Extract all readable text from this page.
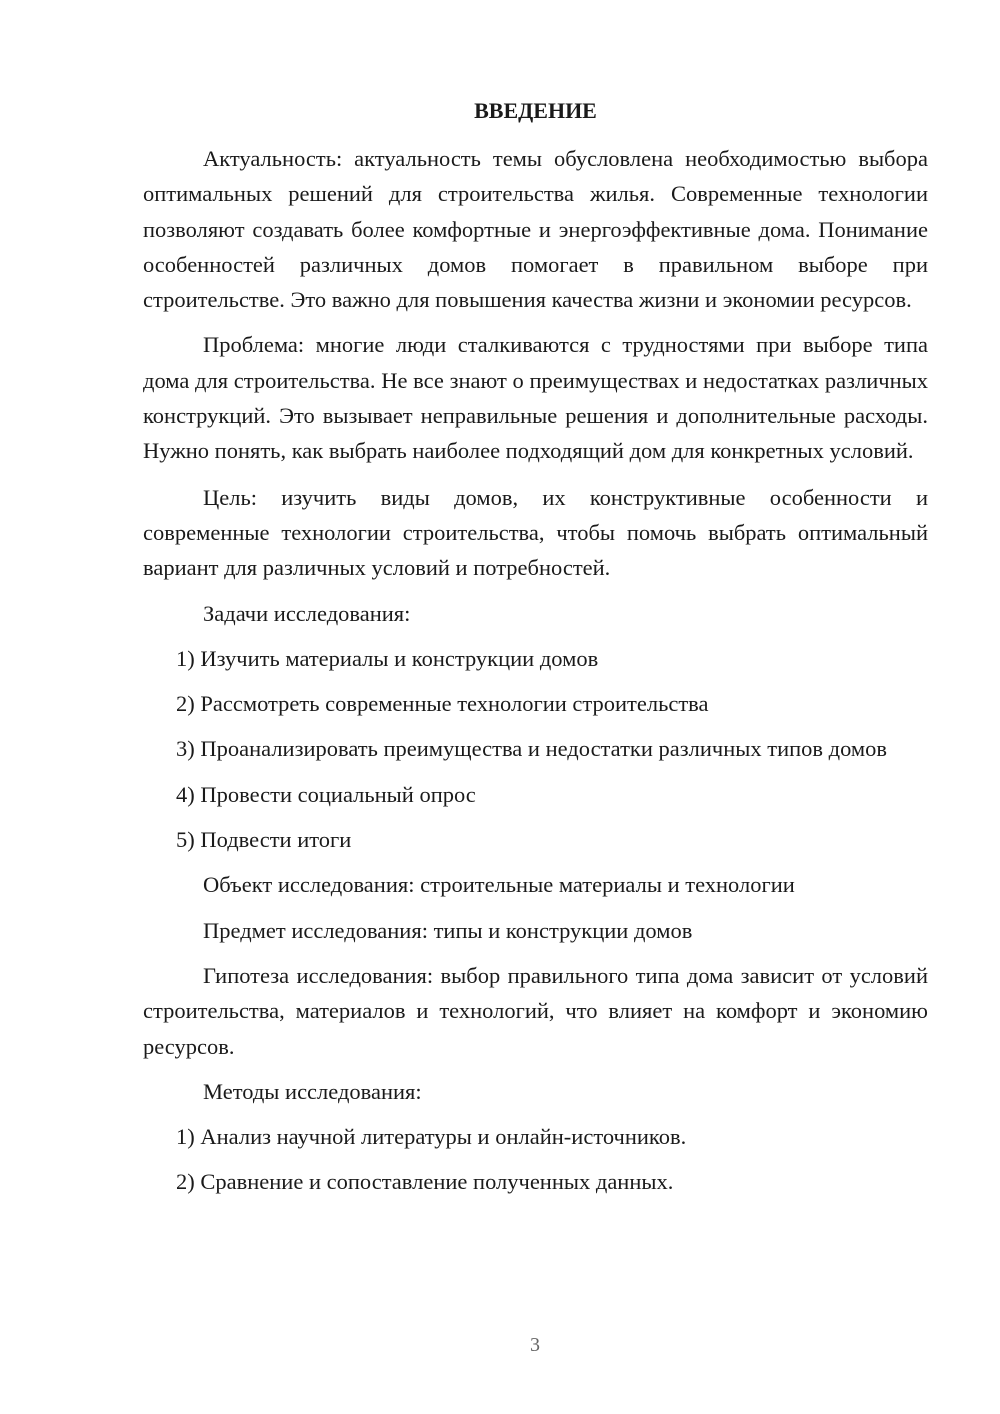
ВВЕДЕНИЕ

Актуальность: актуальность темы обусловлена необходимостью выбора оптимальных решений для строительства жилья. Современные технологии позволяют создавать более комфортные и энергоэффективные дома. Понимание особенностей различных домов помогает в правильном выборе при строительстве. Это важно для повышения качества жизни и экономии ресурсов.

Проблема: многие люди сталкиваются с трудностями при выборе типа дома для строительства. Не все знают о преимуществах и недостатках различных конструкций. Это вызывает неправильные решения и дополнительные расходы. Нужно понять, как выбрать наиболее подходящий дом для конкретных условий.

Цель: изучить виды домов, их конструктивные особенности и современные технологии строительства, чтобы помочь выбрать оптимальный вариант для различных условий и потребностей.

Задачи исследования:

1) Изучить материалы и конструкции домов

2) Рассмотреть современные технологии строительства

3) Проанализировать преимущества и недостатки различных типов домов

4) Провести социальный опрос

5) Подвести итоги

Объект исследования: строительные материалы и технологии

Предмет исследования: типы и конструкции домов

Гипотеза исследования: выбор правильного типа дома зависит от условий строительства, материалов и технологий, что влияет на комфорт и экономию ресурсов.

Методы исследования:

1) Анализ научной литературы и онлайн-источников.

2) Сравнение и сопоставление полученных данных.

3
